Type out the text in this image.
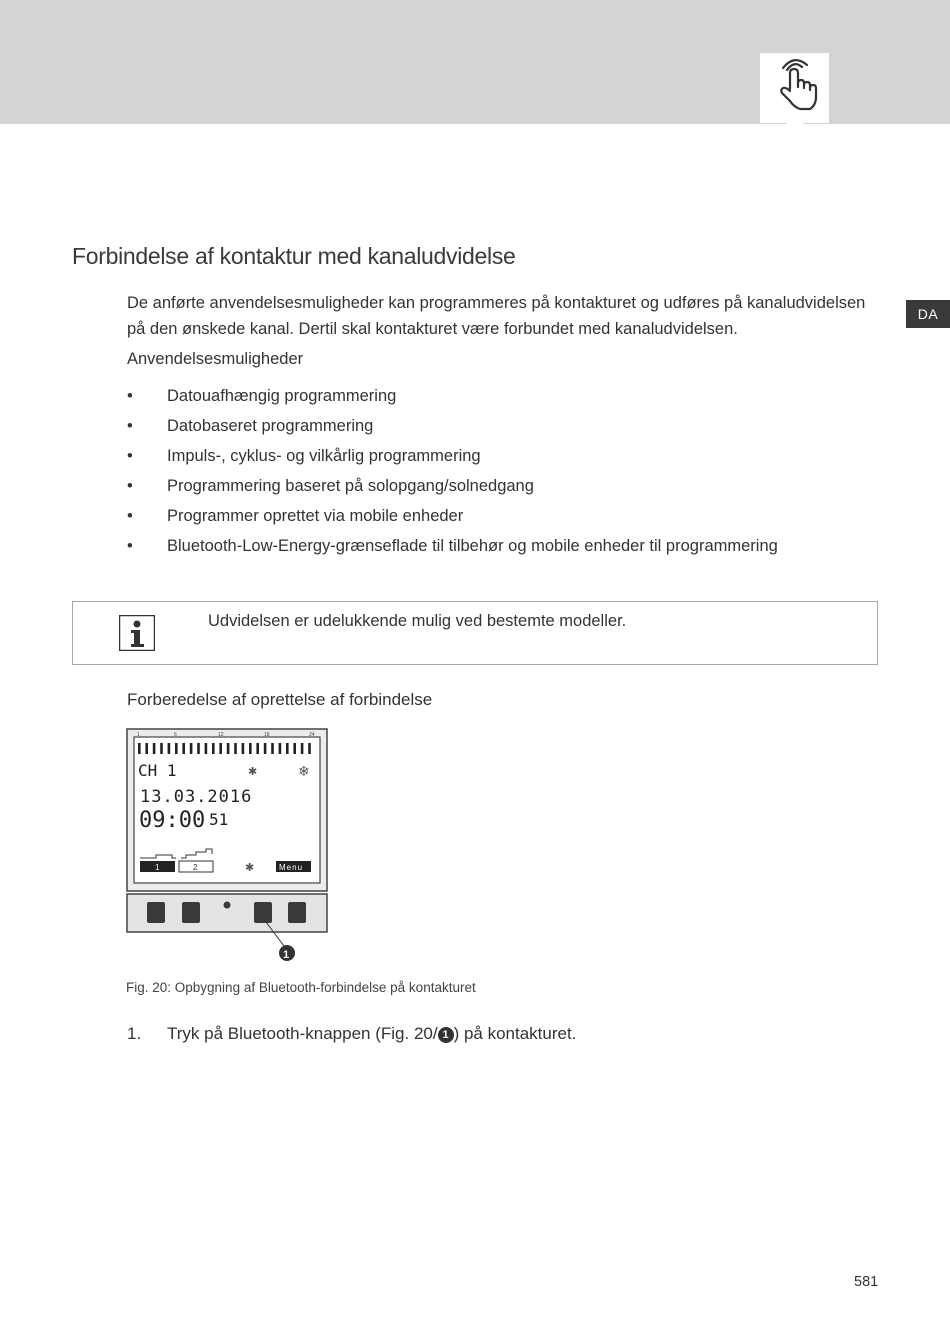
DA
Forbindelse af kontaktur med kanaludvidelse

De anførte anvendelsesmuligheder kan programmeres på kontakturet og udføres på kanaludvidelsen på den ønskede kanal. Dertil skal kontakturet være forbundet med kanaludvidelsen.

Anvendelsesmuligheder

• Datouafhængig programmering
• Datobaseret programmering
• Impuls-, cyklus- og vilkårlig programmering
• Programmering baseret på solopgang/solnedgang
• Programmer oprettet via mobile enheder
• Bluetooth-Low-Energy-grænseflade til tilbehør og mobile enheder til programmering

Udvidelsen er udelukkende mulig ved bestemte modeller.

Forberedelse af oprettelse af forbindelse
1	6	12	18	24
CH 1	✱	❄
13.03.2016
09:00 51
1	2	✱	Menu
1

Fig. 20: Opbygning af Bluetooth-forbindelse på kontakturet

1. Tryk på Bluetooth-knappen (Fig. 20/ 1 ) på kontakturet.
581
